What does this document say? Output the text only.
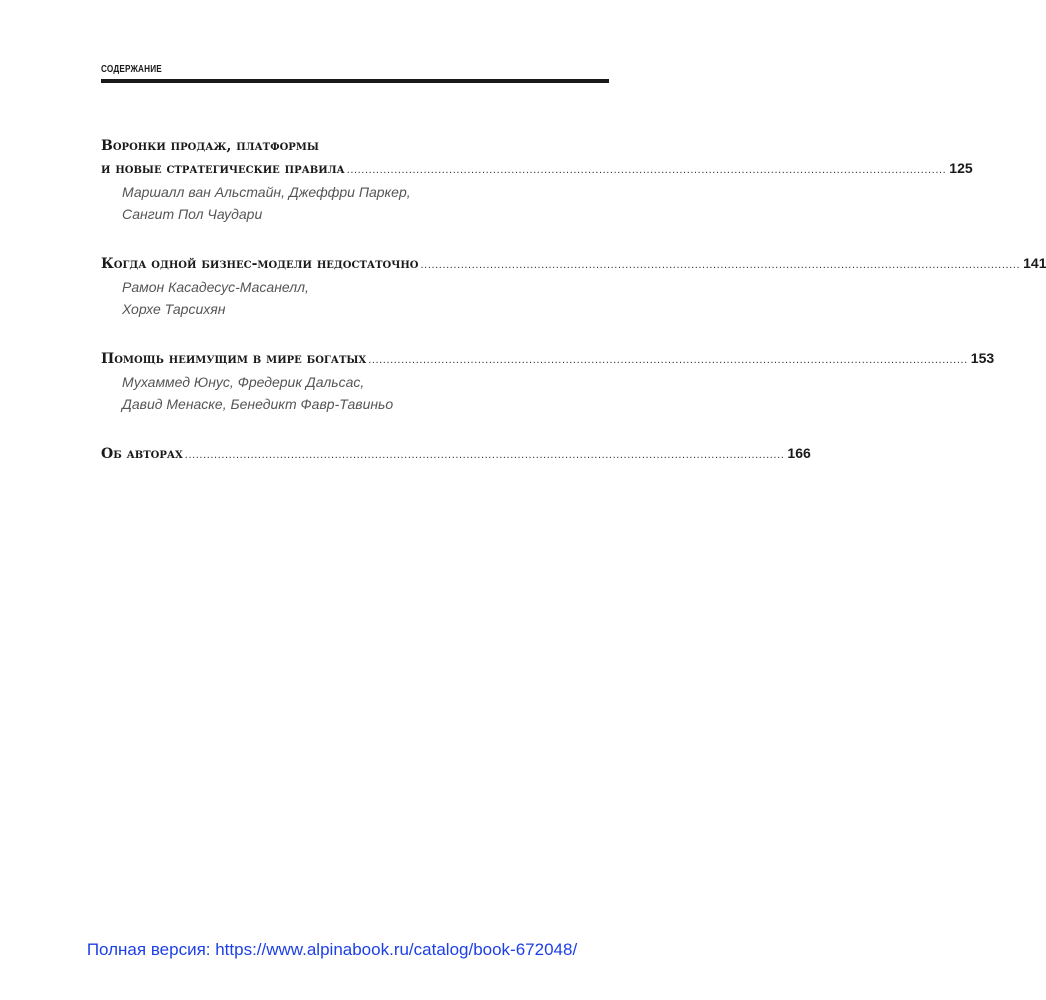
СОДЕРЖАНИЕ
Воронки продаж, платформы
и новые стратегические правила .................................................................................................................................................................... 125
Маршалл ван Альстайн, Джеффри Паркер,
Сангит Пол Чаудари
Когда одной бизнес-модели недостаточно .................................................................................................................................................................... 141
Рамон Касадесус-Масанелл,
Хорхе Тарсихян
Помощь неимущим в мире богатых .................................................................................................................................................................... 153
Мухаммед Юнус, Фредерик Дальсас,
Давид Менаске, Бенедикт Фавр-Тавиньо
Об авторах .................................................................................................................................................................... 166
Полная версия: https://www.alpinabook.ru/catalog/book-672048/
